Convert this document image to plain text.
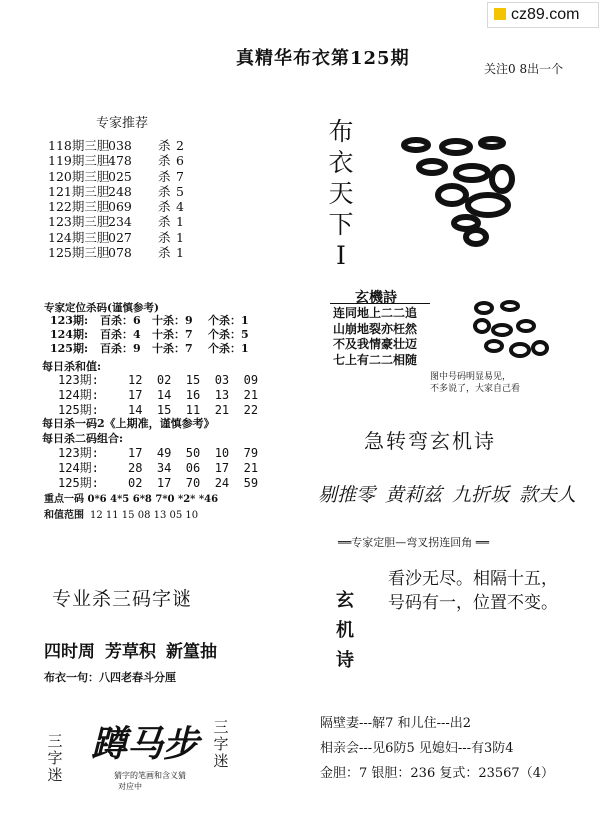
cz89.com
真精华布衣第125期	关注0 8出一个
专家推荐
118期三胆038 杀 2
119期三胆478 杀 6
120期三胆025 杀 7
121期三胆248 杀 5
122期三胆069 杀 4
123期三胆234 杀 1
124期三胆027 杀 1
125期三胆078 杀 1
专家定位杀码(谨慎参考)
123期: 百杀：6 十杀：9 个杀：1
124期: 百杀：4 十杀：7 个杀：5
125期: 百杀：9 十杀：7 个杀：1
每日杀和值:
123期: 12  02  15  03  09
124期: 17  14  16  13  21
125期: 14  15  11  21  22
每日杀一码2《上期准，谨慎参考》
每日杀二码组合:
123期: 17  49  50  10  79
124期: 28  34  06  17  21
125期: 02  17  70  24  59
重点一码 0*6 4*5 6*8 7*0 *2* *46
和值范围 12 11 15 08 13 05 10
专业杀三码字谜
四时周 芳草积 新篁抽
布衣一句：八四老春斗分厘
三字迷
蹲马步 三字迷
猜字的笔画和含义猜
对应中
布衣天下I
玄機詩
连同地上二二追
山崩地裂亦枉然
不及我情豪壮迈
七上有二二相随
图中号码明显易见，
不多说了，大家自己看
急转弯玄机诗
剔推零 黄莉兹 九折坂 款夫人
══专家定胆—弯叉拐连回角 ══
玄机诗
看沙无尽。相隔十五，
号码有一，位置不变。
隔壁妻---解7 和儿住---出2
相亲会---见6防5 见媳妇---有3防4
金胆：7 银胆：236 复式：23567（4）
